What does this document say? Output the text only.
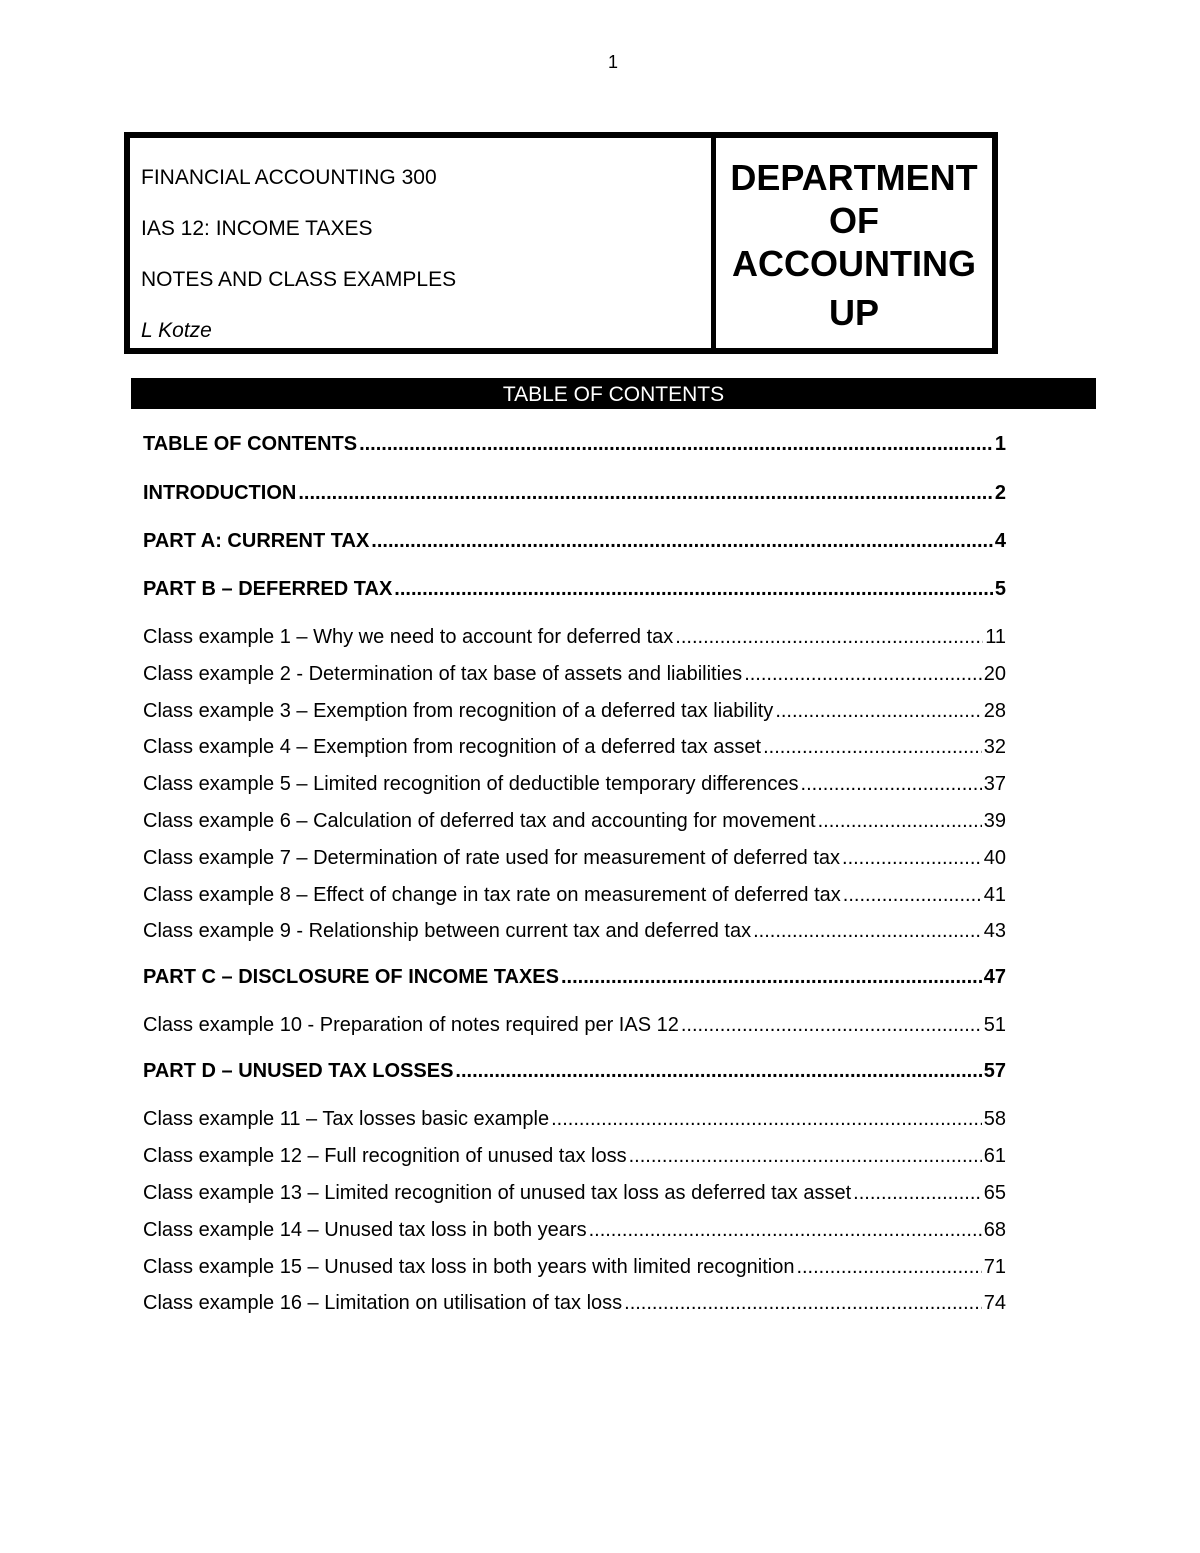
1
FINANCIAL ACCOUNTING 300
IAS 12: INCOME TAXES
NOTES AND CLASS EXAMPLES
L Kotze
DEPARTMENT
OF
ACCOUNTING
UP
TABLE OF CONTENTS
TABLE OF CONTENTS .....	1
INTRODUCTION .....	2
PART A: CURRENT TAX .....	4
PART B – DEFERRED TAX .....	5
Class example 1 – Why we need to account for deferred tax .....	11
Class example 2 - Determination of tax base of assets and liabilities .....	20
Class example 3 – Exemption from recognition of a deferred tax liability .....	28
Class example 4 – Exemption from recognition of a deferred tax asset .....	32
Class example 5 – Limited recognition of deductible temporary differences .....	37
Class example 6 – Calculation of deferred tax and accounting for movement .....	39
Class example 7 – Determination of rate used for measurement of deferred tax .....	40
Class example 8 – Effect of change in tax rate on measurement of deferred tax .....	41
Class example 9 - Relationship between current tax and deferred tax .....	43
PART C – DISCLOSURE OF INCOME TAXES .....	47
Class example 10 - Preparation of notes required per IAS 12 .....	51
PART D – UNUSED TAX LOSSES .....	57
Class example 11 – Tax losses basic example .....	58
Class example 12 – Full recognition of unused tax loss .....	61
Class example 13 – Limited recognition of unused tax loss as deferred tax asset .....	65
Class example 14 – Unused tax loss in both years .....	68
Class example 15 – Unused tax loss in both years with limited recognition .....	71
Class example 16 – Limitation on utilisation of tax loss .....	74
